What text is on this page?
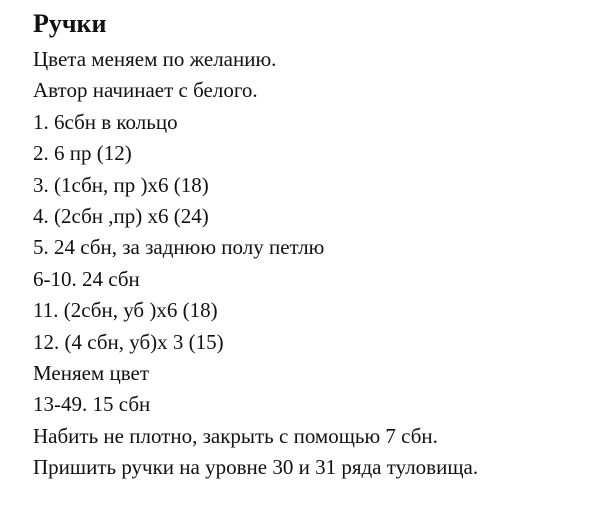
Ручки
Цвета меняем по желанию.
Автор начинает с белого.
1. 6сбн в кольцо
2. 6 пр (12)
3. (1сбн, пр )х6 (18)
4. (2сбн ,пр) х6 (24)
5. 24 сбн, за заднюю полу петлю
6-10. 24 сбн
11. (2сбн, уб )х6 (18)
12. (4 сбн, уб)х 3 (15)
Меняем цвет
13-49. 15 сбн
Набить не плотно, закрыть с помощью 7 сбн.
Пришить ручки на уровне 30 и 31 ряда туловища.
